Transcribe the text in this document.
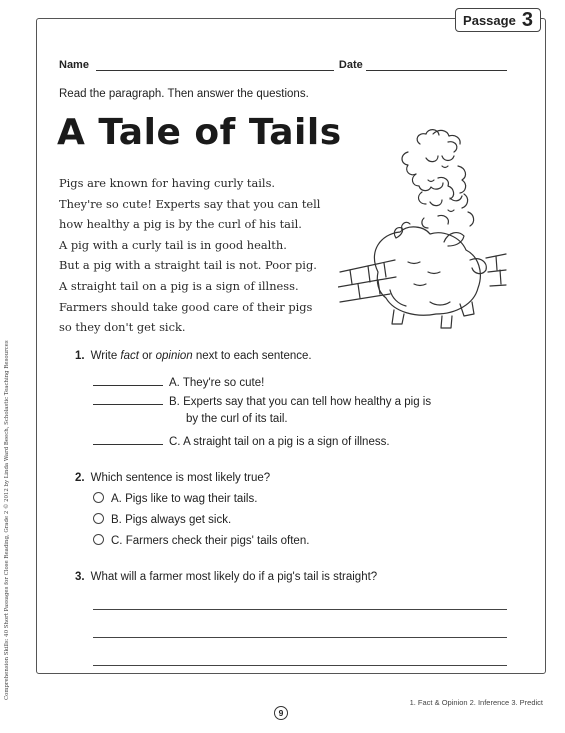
Passage 3
Name	Date
Read the paragraph. Then answer the questions.
A Tale of Tails
Pigs are known for having curly tails.
They're so cute! Experts say that you can tell
how healthy a pig is by the curl of his tail.
A pig with a curly tail is in good health.
But a pig with a straight tail is not. Poor pig.
A straight tail on a pig is a sign of illness.
Farmers should take good care of their pigs
so they don't get sick.
1. Write fact or opinion next to each sentence.
A. They're so cute!
B. Experts say that you can tell how healthy a pig is
by the curl of its tail.
C. A straight tail on a pig is a sign of illness.
2. Which sentence is most likely true?
A. Pigs like to wag their tails.
B. Pigs always get sick.
C. Farmers check their pigs' tails often.
3. What will a farmer most likely do if a pig's tail is straight?
Comprehension Skills: 40 Short Passages for Close Reading, Grade 2 © 2012 by Linda Ward Beech, Scholastic Teaching Resources
9
1. Fact & Opinion 2. Inference 3. Predict
